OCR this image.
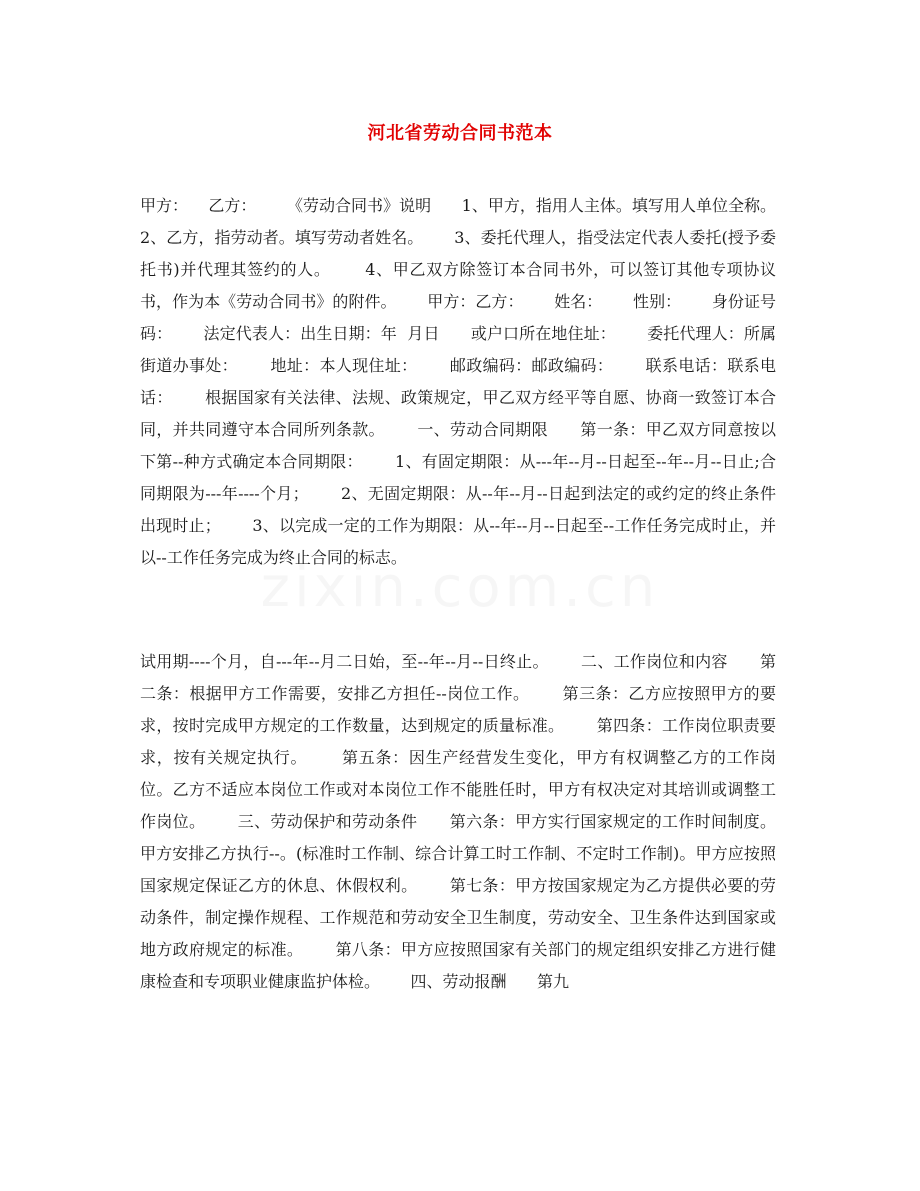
河北省劳动合同书范本
甲方：    乙方：      《劳动合同书》说明      1、甲方，指用人主体。填写用人单位全称。      2、乙方，指劳动者。填写劳动者姓名。      3、委托代理人，指受法定代表人委托(授予委托书)并代理其签约的人。      4、甲乙双方除签订本合同书外，可以签订其他专项协议书，作为本《劳动合同书》的附件。      甲方：乙方：      姓名：      性别：      身份证号码：      法定代表人：出生日期：年  月日      或户口所在地住址：      委托代理人：所属街道办事处：      地址：本人现住址：      邮政编码：邮政编码：      联系电话：联系电话：      根据国家有关法律、法规、政策规定，甲乙双方经平等自愿、协商一致签订本合同，并共同遵守本合同所列条款。      一、劳动合同期限      第一条：甲乙双方同意按以下第--种方式确定本合同期限：      1、有固定期限：从---年--月--日起至--年--月--日止;合同期限为---年----个月；      2、无固定期限：从--年--月--日起到法定的或约定的终止条件出现时止；      3、以完成一定的工作为期限：从--年--月--日起至--工作任务完成时止，并以--工作任务完成为终止合同的标志。
试用期----个月，自---年--月二日始，至--年--月--日终止。      二、工作岗位和内容      第二条：根据甲方工作需要，安排乙方担任--岗位工作。      第三条：乙方应按照甲方的要求，按时完成甲方规定的工作数量，达到规定的质量标准。      第四条：工作岗位职责要求，按有关规定执行。      第五条：因生产经营发生变化，甲方有权调整乙方的工作岗位。乙方不适应本岗位工作或对本岗位工作不能胜任时，甲方有权决定对其培训或调整工作岗位。      三、劳动保护和劳动条件      第六条：甲方实行国家规定的工作时间制度。甲方安排乙方执行--。(标准时工作制、综合计算工时工作制、不定时工作制)。甲方应按照国家规定保证乙方的休息、休假权利。      第七条：甲方按国家规定为乙方提供必要的劳动条件，制定操作规程、工作规范和劳动安全卫生制度，劳动安全、卫生条件达到国家或地方政府规定的标准。      第八条：甲方应按照国家有关部门的规定组织安排乙方进行健康检查和专项职业健康监护体检。      四、劳动报酬      第九
